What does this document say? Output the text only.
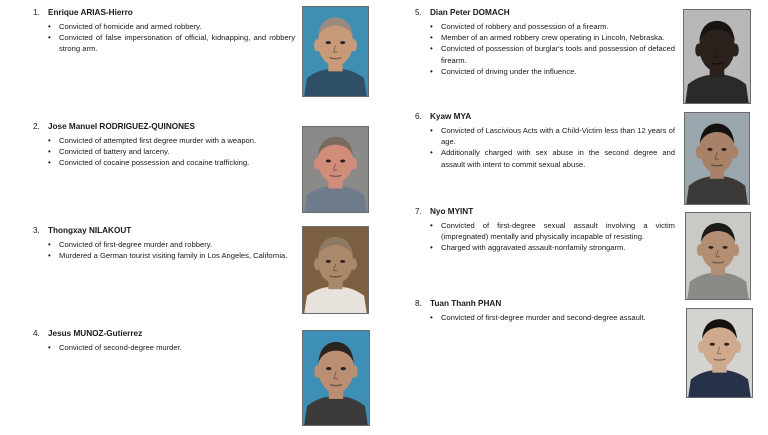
1. Enrique ARIAS-Hierro
• Convicted of homicide and armed robbery.
• Convicted of false impersonation of official, kidnapping, and robbery strong arm.
2. Jose Manuel RODRIGUEZ-QUINONES
• Convicted of attempted first degree murder with a weapon.
• Convicted of battery and larceny.
• Convicted of cocaine possession and cocaine trafficking.
3. Thongxay NILAKOUT
• Convicted of first-degree murder and robbery.
• Murdered a German tourist visiting family in Los Angeles, California.
4. Jesus MUNOZ-Gutierrez
• Convicted of second-degree murder.
5. Dian Peter DOMACH
• Convicted of robbery and possession of a firearm.
• Member of an armed robbery crew operating in Lincoln, Nebraska.
• Convicted of possession of burglar's tools and possession of defaced firearm.
• Convicted of driving under the influence.
6. Kyaw MYA
• Convicted of Lascivious Acts with a Child-Victim less than 12 years of age.
• Additionally charged with sex abuse in the second degree and assault with intent to commit sexual abuse.
7. Nyo MYINT
• Convicted of first-degree sexual assault involving a victim (impregnated) mentally and physically incapable of resisting.
• Charged with aggravated assault-nonfamily strongarm.
8. Tuan Thanh PHAN
• Convicted of first-degree murder and second-degree assault.
